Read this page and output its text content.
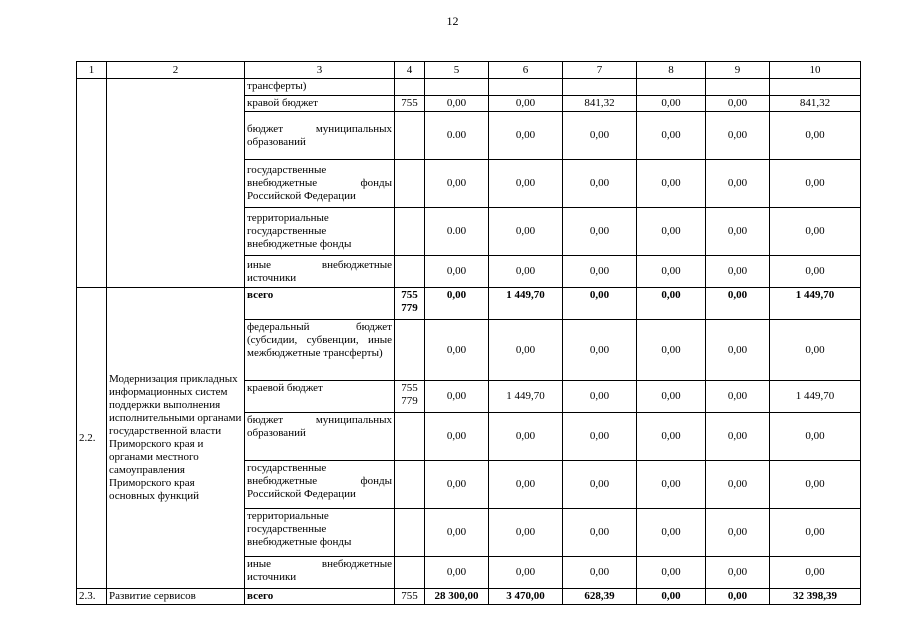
12
1	2	3	4	5	6	7	8	9	10
		трансферты)							
		кравой бюджет	755	0,00	0,00	841,32	0,00	0,00	841,32
		бюджет муниципальных образований		0.00	0,00	0,00	0,00	0,00	0,00
		государственные внебюджетные фонды Российской Федерации		0,00	0,00	0,00	0,00	0,00	0,00
		территориальные государственные внебюджетные фонды		0.00	0,00	0,00	0,00	0,00	0,00
		иные внебюджетные источники		0,00	0,00	0,00	0,00	0,00	0,00
2.2.	Модернизация прикладных информационных систем поддержки выполнения исполнительными органами государственной власти Приморского края и органами местного самоуправления Приморского края основных функций	всего	755 779	0,00	1 449,70	0,00	0,00	0,00	1 449,70
		федеральный бюджет (субсидии, субвенции, иные межбюджетные трансферты)		0,00	0,00	0,00	0,00	0,00	0,00
		краевой бюджет	755 779	0,00	1 449,70	0,00	0,00	0,00	1 449,70
		бюджет муниципальных образований		0,00	0,00	0,00	0,00	0,00	0,00
		государственные внебюджетные фонды Российской Федерации		0,00	0,00	0,00	0,00	0,00	0,00
		территориальные государственные внебюджетные фонды		0,00	0,00	0,00	0,00	0,00	0,00
		иные внебюджетные источники		0,00	0,00	0,00	0,00	0,00	0,00
2.3.	Развитие сервисов	всего	755	28 300,00	3 470,00	628,39	0,00	0,00	32 398,39
